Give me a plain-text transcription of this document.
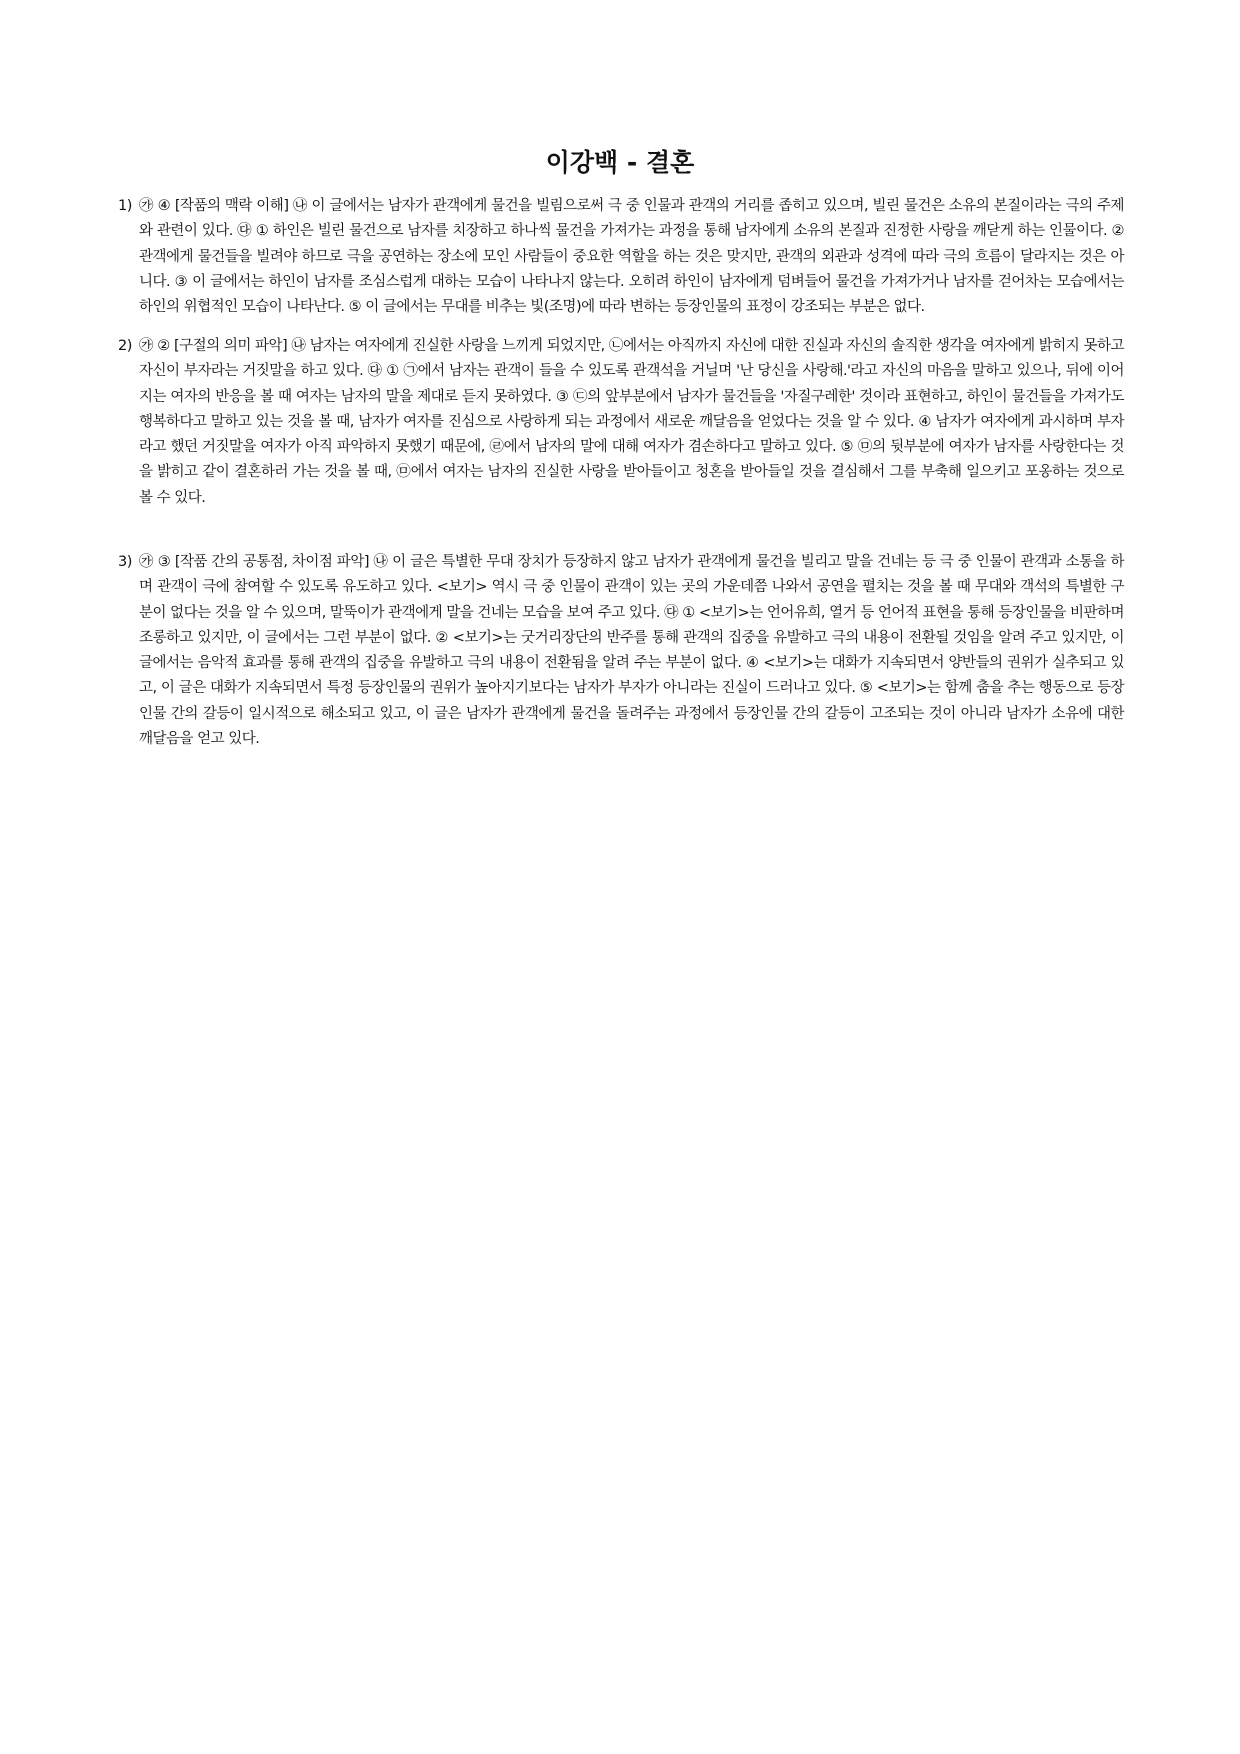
이강백 - 결혼
1) ㉮ ④ [작품의 맥락 이해] ㉯ 이 글에서는 남자가 관객에게 물건을 빌림으로써 극 중 인물과 관객의 거리를 좁히고 있으며, 빌린 물건은 소유의 본질이라는 극의 주제와 관련이 있다. ㉰ ① 하인은 빌린 물건으로 남자를 치장하고 하나씩 물건을 가져가는 과정을 통해 남자에게 소유의 본질과 진정한 사랑을 깨닫게 하는 인물이다. ② 관객에게 물건들을 빌려야 하므로 극을 공연하는 장소에 모인 사람들이 중요한 역할을 하는 것은 맞지만, 관객의 외관과 성격에 따라 극의 흐름이 달라지는 것은 아니다. ③ 이 글에서는 하인이 남자를 조심스럽게 대하는 모습이 나타나지 않는다. 오히려 하인이 남자에게 덤벼들어 물건을 가져가거나 남자를 걷어차는 모습에서는 하인의 위협적인 모습이 나타난다. ⑤ 이 글에서는 무대를 비추는 빛(조명)에 따라 변하는 등장인물의 표정이 강조되는 부분은 없다.
2) ㉮ ② [구절의 의미 파악] ㉯ 남자는 여자에게 진실한 사랑을 느끼게 되었지만, ㉡에서는 아직까지 자신에 대한 진실과 자신의 솔직한 생각을 여자에게 밝히지 못하고 자신이 부자라는 거짓말을 하고 있다. ㉰ ① ㉠에서 남자는 관객이 들을 수 있도록 관객석을 거닐며 '난 당신을 사랑해.'라고 자신의 마음을 말하고 있으나, 뒤에 이어지는 여자의 반응을 볼 때 여자는 남자의 말을 제대로 듣지 못하였다. ③ ㉢의 앞부분에서 남자가 물건들을 '자질구레한' 것이라 표현하고, 하인이 물건들을 가져가도 행복하다고 말하고 있는 것을 볼 때, 남자가 여자를 진심으로 사랑하게 되는 과정에서 새로운 깨달음을 얻었다는 것을 알 수 있다. ④ 남자가 여자에게 과시하며 부자라고 했던 거짓말을 여자가 아직 파악하지 못했기 때문에, ㉣에서 남자의 말에 대해 여자가 겸손하다고 말하고 있다. ⑤ ㉤의 뒷부분에 여자가 남자를 사랑한다는 것을 밝히고 같이 결혼하러 가는 것을 볼 때, ㉤에서 여자는 남자의 진실한 사랑을 받아들이고 청혼을 받아들일 것을 결심해서 그를 부축해 일으키고 포옹하는 것으로 볼 수 있다.
3) ㉮ ③ [작품 간의 공통점, 차이점 파악] ㉯ 이 글은 특별한 무대 장치가 등장하지 않고 남자가 관객에게 물건을 빌리고 말을 건네는 등 극 중 인물이 관객과 소통을 하며 관객이 극에 참여할 수 있도록 유도하고 있다. <보기> 역시 극 중 인물이 관객이 있는 곳의 가운데쯤 나와서 공연을 펼치는 것을 볼 때 무대와 객석의 특별한 구분이 없다는 것을 알 수 있으며, 말뚝이가 관객에게 말을 건네는 모습을 보여 주고 있다. ㉰ ① <보기>는 언어유희, 열거 등 언어적 표현을 통해 등장인물을 비판하며 조롱하고 있지만, 이 글에서는 그런 부분이 없다. ② <보기>는 굿거리장단의 반주를 통해 관객의 집중을 유발하고 극의 내용이 전환될 것임을 알려 주고 있지만, 이 글에서는 음악적 효과를 통해 관객의 집중을 유발하고 극의 내용이 전환됨을 알려 주는 부분이 없다. ④ <보기>는 대화가 지속되면서 양반들의 권위가 실추되고 있고, 이 글은 대화가 지속되면서 특정 등장인물의 권위가 높아지기보다는 남자가 부자가 아니라는 진실이 드러나고 있다. ⑤ <보기>는 함께 춤을 추는 행동으로 등장인물 간의 갈등이 일시적으로 해소되고 있고, 이 글은 남자가 관객에게 물건을 돌려주는 과정에서 등장인물 간의 갈등이 고조되는 것이 아니라 남자가 소유에 대한 깨달음을 얻고 있다.
